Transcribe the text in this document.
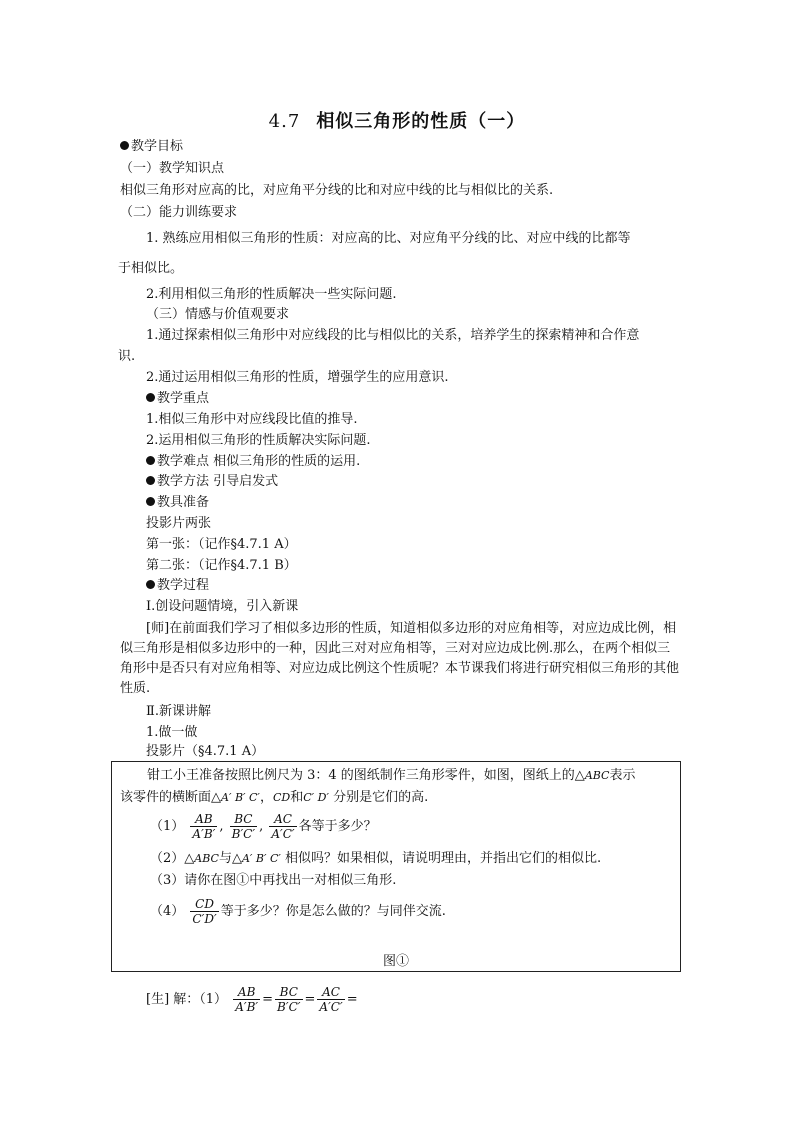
4.7 相似三角形的性质（一）
教学目标
（一）教学知识点
相似三角形对应高的比，对应角平分线的比和对应中线的比与相似比的关系.
（二）能力训练要求
1. 熟练应用相似三角形的性质：对应高的比、对应角平分线的比、对应中线的比都等
于相似比。
2.利用相似三角形的性质解决一些实际问题.
（三）情感与价值观要求
1.通过探索相似三角形中对应线段的比与相似比的关系，培养学生的探索精神和合作意
识.
2.通过运用相似三角形的性质，增强学生的应用意识.
教学重点
1.相似三角形中对应线段比值的推导.
2.运用相似三角形的性质解决实际问题.
教学难点 相似三角形的性质的运用.
教学方法 引导启发式
教具准备
投影片两张
第一张：（记作§4.7.1 A）
第二张：（记作§4.7.1 B）
教学过程
Ⅰ.创设问题情境，引入新课
[师]在前面我们学习了相似多边形的性质，知道相似多边形的对应角相等，对应边成比例，相似三角形是相似多边形中的一种，因此三对对应角相等，三对对应边成比例.那么，在两个相似三角形中是否只有对应角相等、对应边成比例这个性质呢？本节课我们将进行研究相似三角形的其他性质.
Ⅱ.新课讲解
1.做一做
投影片（§4.7.1 A）
钳工小王准备按照比例尺为 3：4 的图纸制作三角形零件，如图，图纸上的△ABC表示
该零件的横断面△A′ B′ C′，CD和C′ D′ 分别是它们的高.
$(1) \frac{AB}{A'B'}$ , $\frac{BC}{B'C'}$ , $\frac{AC}{A'C'}$ 各等于多少？
（2）△ABC与△A′ B′ C′ 相似吗？如果相似，请说明理由，并指出它们的相似比.
（3）请你在图①中再找出一对相似三角形.
$(4) \frac{CD}{C'D'}$ 等于多少？你是怎么做的？与同伴交流.
图①
[生] 解：$(1) \frac{AB}{A'B'} = \frac{BC}{B'C'} = \frac{AC}{A'C'}$ =
